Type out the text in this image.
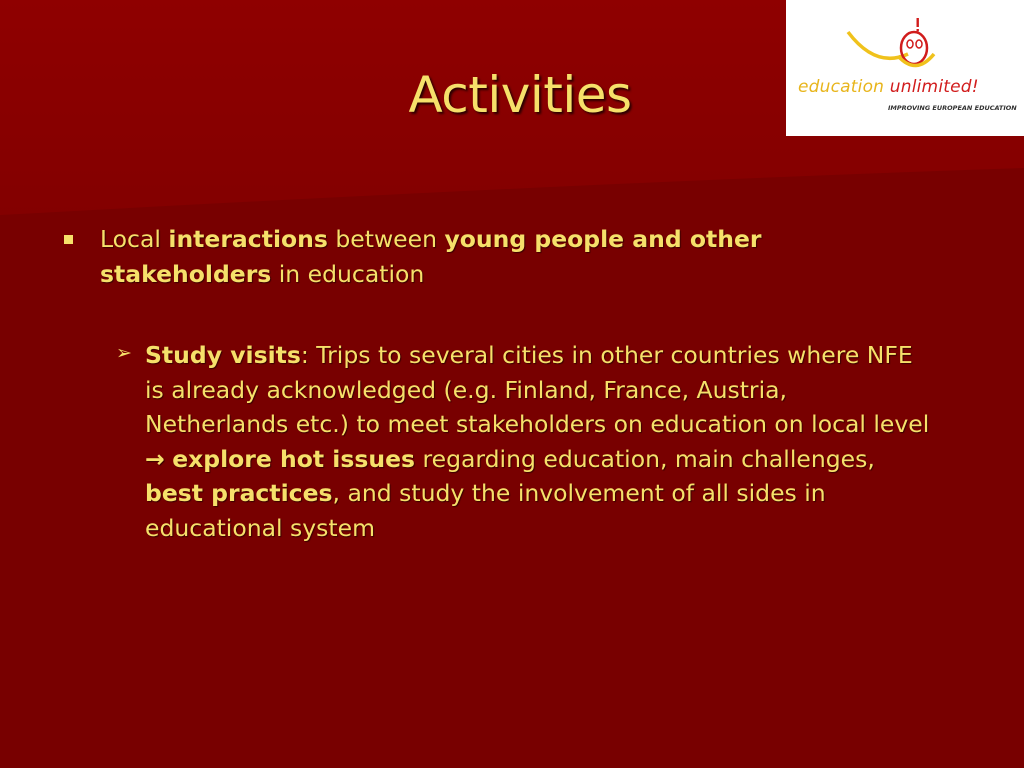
Activities	education unlimited!
IMPROVING EUROPEAN EDUCATION
Local interactions between young people and other stakeholders in education
➢ Study visits: Trips to several cities in other countries where NFE is already acknowledged (e.g. Finland, France, Austria, Netherlands etc.) to meet stakeholders on education on local level → explore hot issues regarding education, main challenges, best practices, and study the involvement of all sides in educational system
